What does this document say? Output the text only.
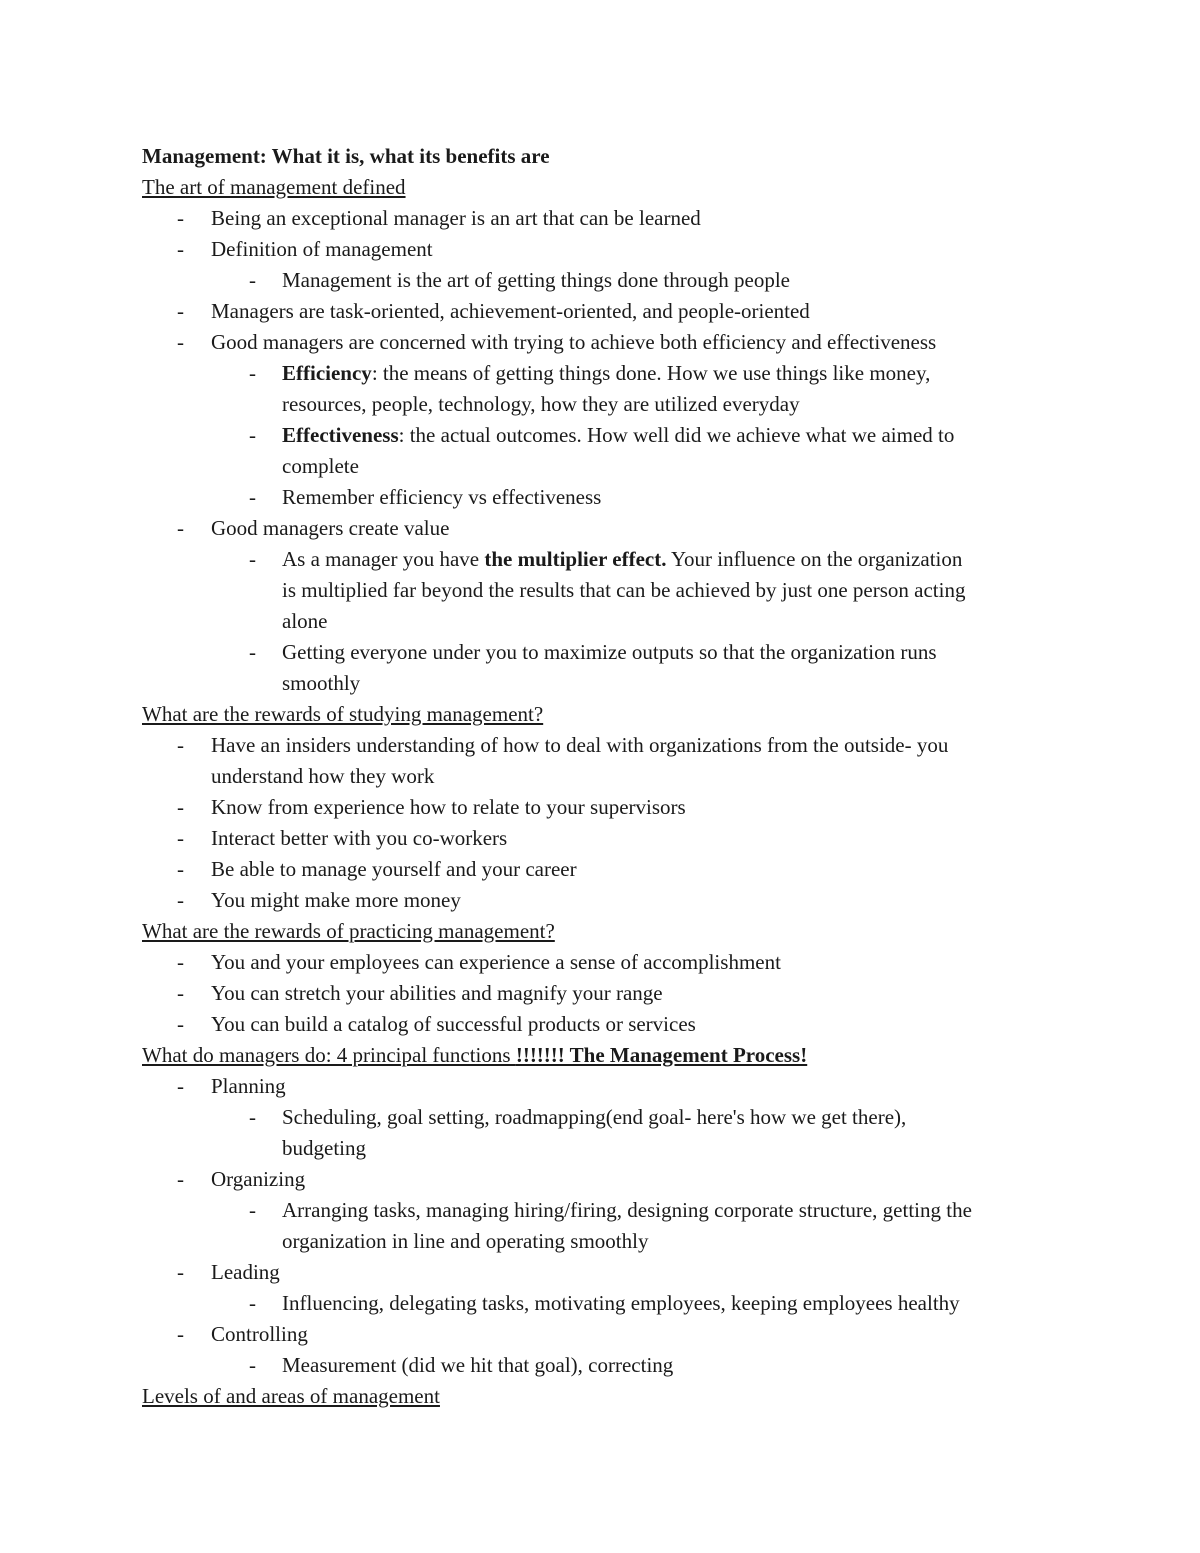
Management: What it is, what its benefits are
The art of management defined
- Being an exceptional manager is an art that can be learned
- Definition of management
- Management is the art of getting things done through people
- Managers are task-oriented, achievement-oriented, and people-oriented
- Good managers are concerned with trying to achieve both efficiency and effectiveness
- Efficiency: the means of getting things done. How we use things like money,
resources, people, technology, how they are utilized everyday
- Effectiveness: the actual outcomes. How well did we achieve what we aimed to
complete
- Remember efficiency vs effectiveness
- Good managers create value
- As a manager you have the multiplier effect. Your influence on the organization
is multiplied far beyond the results that can be achieved by just one person acting
alone
- Getting everyone under you to maximize outputs so that the organization runs
smoothly
What are the rewards of studying management?
- Have an insiders understanding of how to deal with organizations from the outside- you
understand how they work
- Know from experience how to relate to your supervisors
- Interact better with you co-workers
- Be able to manage yourself and your career
- You might make more money
What are the rewards of practicing management?
- You and your employees can experience a sense of accomplishment
- You can stretch your abilities and magnify your range
- You can build a catalog of successful products or services
What do managers do: 4 principal functions !!!!!!! The Management Process!
- Planning
- Scheduling, goal setting, roadmapping(end goal- here's how we get there),
budgeting
- Organizing
- Arranging tasks, managing hiring/firing, designing corporate structure, getting the
organization in line and operating smoothly
- Leading
- Influencing, delegating tasks, motivating employees, keeping employees healthy
- Controlling
- Measurement (did we hit that goal), correcting
Levels of and areas of management
